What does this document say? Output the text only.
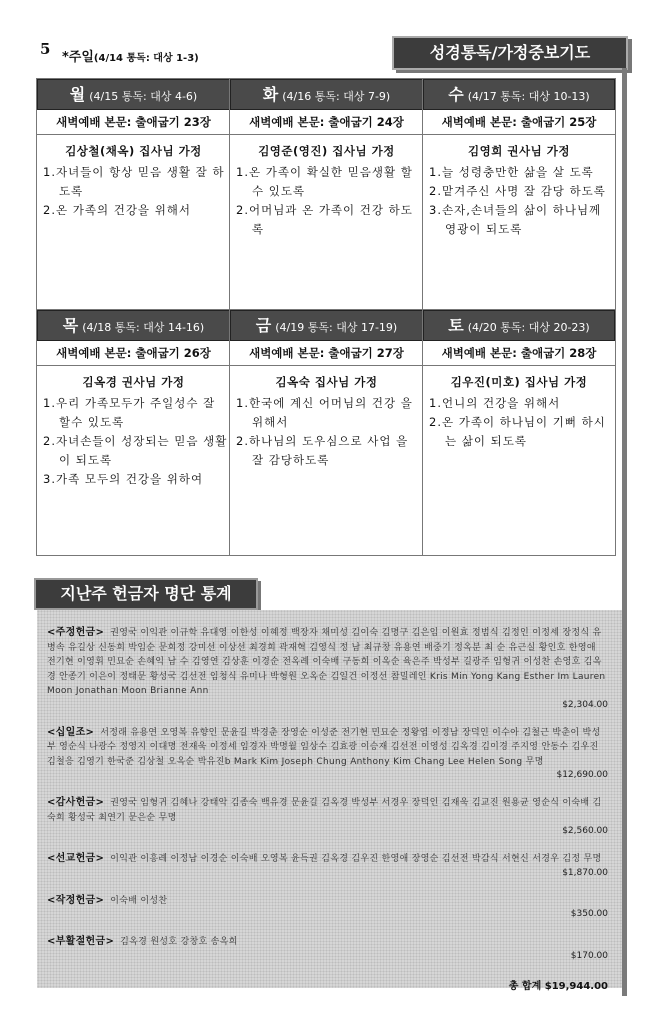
5 *주일(4/14 통독: 대상 1-3)	성경통독/가정중보기도
월 (4/15 통독: 대상 4-6)
새벽예배 본문: 출애굽기 23장
김상철(채옥) 집사님 가정
1.자녀들이 항상 믿음 생활 잘 하도록
2.온 가족의 건강을 위해서
화 (4/16 통독: 대상 7-9)
새벽예배 본문: 출애굽기 24장
김영준(영진) 집사님 가정
1.온 가족이 확실한 믿음생활 할 수 있도록
2.어머님과 온 가족이 건강 하도록
수 (4/17 통독: 대상 10-13)
새벽예배 본문: 출애굽기 25장
김영희 권사님 가정
1.늘 성령충만한 삶을 살 도록
2.맡겨주신 사명 잘 감당 하도록
3.손자,손녀들의 삶이 하나님께 영광이 되도록
목 (4/18 통독: 대상 14-16)
새벽예배 본문: 출애굽기 26장
김옥경 권사님 가정
1.우리 가족모두가 주일성수 잘 할수 있도록
2.자녀손들이 성장되는 믿음 생활이 되도록
3.가족 모두의 건강을 위하여
금 (4/19 통독: 대상 17-19)
새벽예배 본문: 출애굽기 27장
김옥숙 집사님 가정
1.한국에 계신 어머님의 건강 을 위해서
2.하나님의 도우심으로 사업 을 잘 감당하도록
토 (4/20 통독: 대상 20-23)
새벽예배 본문: 출애굽기 28장
김우진(미호) 집사님 가정
1.언니의 건강을 위해서
2.온 가족이 하나님이 기뻐 하시는 삶이 되도록
지난주 헌금자 명단 통계
<주정헌금> 권영국 이익관 이규학 유대영 이한성 이혜정 백장자 채미성 김이숙 김명구 김은임 이원효 정범식 김정인 이정세 장정식 유병속 유길상 신동희 박임순 문희정 강미선 이상선 최경희 곽재혁 김영식 정 남 최규창 유용연 배중기 정옥분 최 순 유근실 황인호 한영애 전기현 이영휘 민묘순 손혜익 남 수 김영연 김상훈 이경순 전옥례 이숙배 구동희 이옥순 육은주 박성부 길광주 임형귀 이성찬 손영호 김옥경 안종기 이은이 정태문 황성국 김선전 임청식 유미나 박형원 오옥순 김일건 이정선 참밀레인 Kris Min Yong Kang Esther Im Lauren Moon Jonathan Moon Brianne Ann
$2,304.00
<십일조> 서정래 유용연 오영복 유향인 문윤길 박경춘 장영순 이성준 전기현 민묘순 정왕엽 이정남 장덕인 이수아 김철근 박춘이 박성부 영순식 나광수 정영지 이대명 전재욱 이정세 임경자 박명월 임상수 김효광 이승재 김선전 이영성 김옥경 김이경 주지영 안동수 김우진 김철응 김영기 한국준 김상철 오옥순 박유진b Mark Kim Joseph Chung Anthony Kim Chang Lee Helen Song 무명
$12,690.00
<감사헌금> 권영국 임형귀 김혜나 강태악 김종숙 백유경 문윤길 김옥경 박성부 서경우 장덕인 김재욱 김교진 원용균 영순식 이숙배 김숙희 황성국 최연기 문은순 무명
$2,560.00
<선교헌금> 이익관 이흥례 이정남 이경순 이숙배 오영복 윤득권 김옥경 김우진 한영애 장영순 김선전 박감식 서현신 서경우 김정 무명
$1,870.00
<작정헌금> 이숙배 이성찬
$350.00
<부활절헌금> 김옥경 원성호 강창호 송옥희
$170.00
총 합계 $19,944.00
